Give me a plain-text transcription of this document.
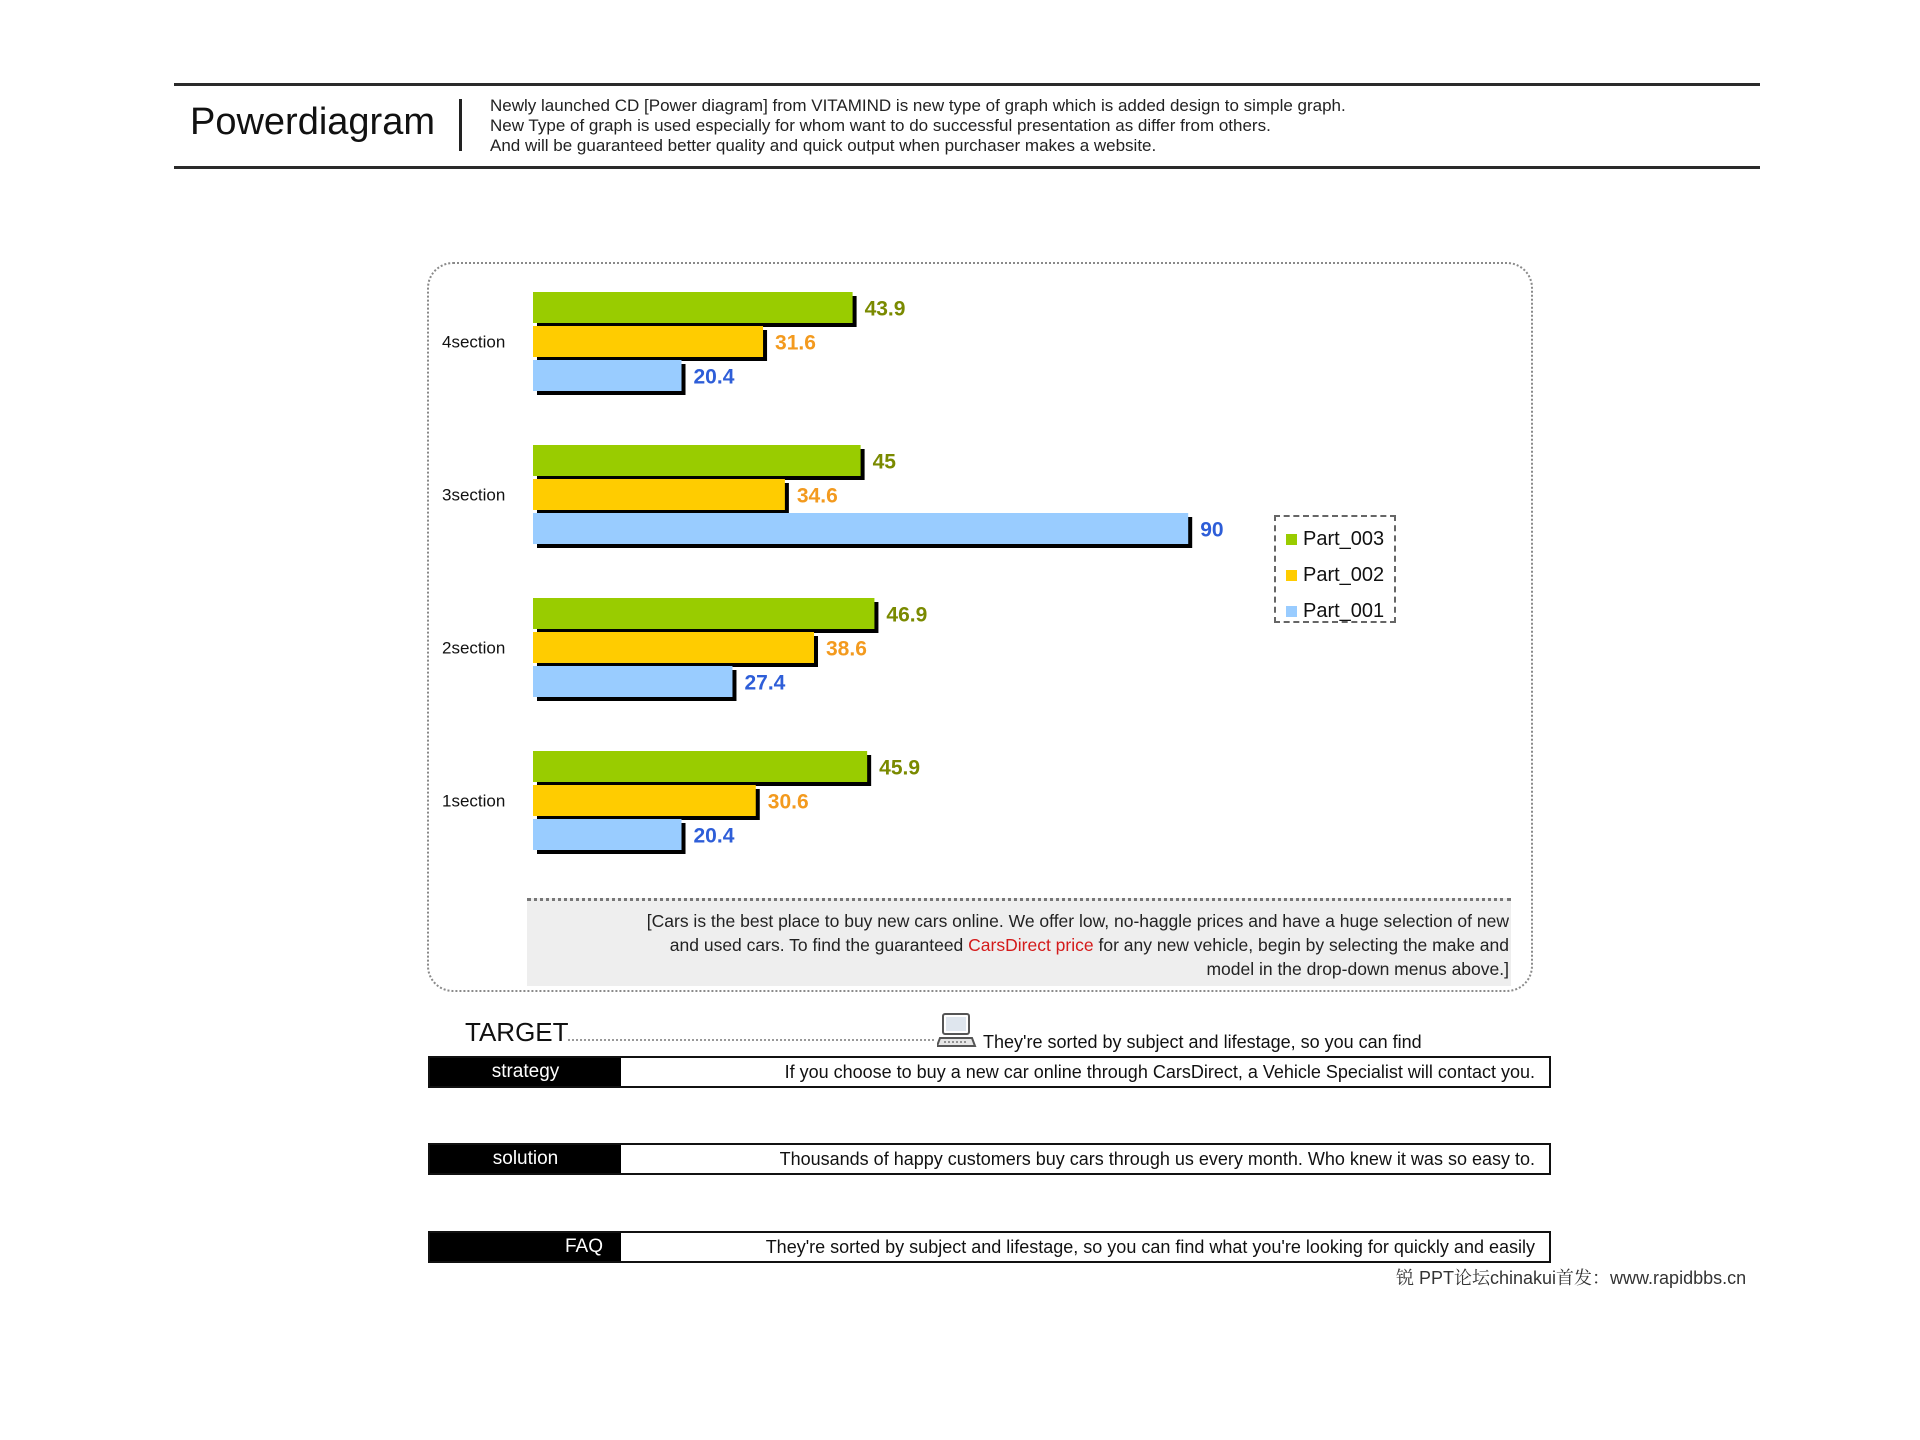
Powerdiagram	Newly launched CD [Power diagram] from VITAMIND is new type of graph which is added design to simple graph.
New Type of graph is used especially for whom want to do successful presentation as differ from others.
And will be guaranteed better quality and quick output when purchaser makes a website.
4section
43.9
31.6
20.4
3section
45
34.6
90
2section
46.9
38.6
27.4
1section
45.9
30.6
20.4
Part_003
Part_002
Part_001
[Cars is the best place to buy new cars online. We offer low, no-haggle prices and have a huge selection of new
and used cars. To find the guaranteed CarsDirect price for any new vehicle, begin by selecting the make and
model in the drop-down menus above.]
TARGET	They're sorted by subject and lifestage, so you can find
strategy	If you choose to buy a new car online through CarsDirect, a Vehicle Specialist will contact you.
solution	Thousands of happy customers buy cars through us every month. Who knew it was so easy to.
FAQ	They're sorted by subject and lifestage, so you can find what you're looking for quickly and easily
锐 PPT论坛chinakui首发：www.rapidbbs.cn
